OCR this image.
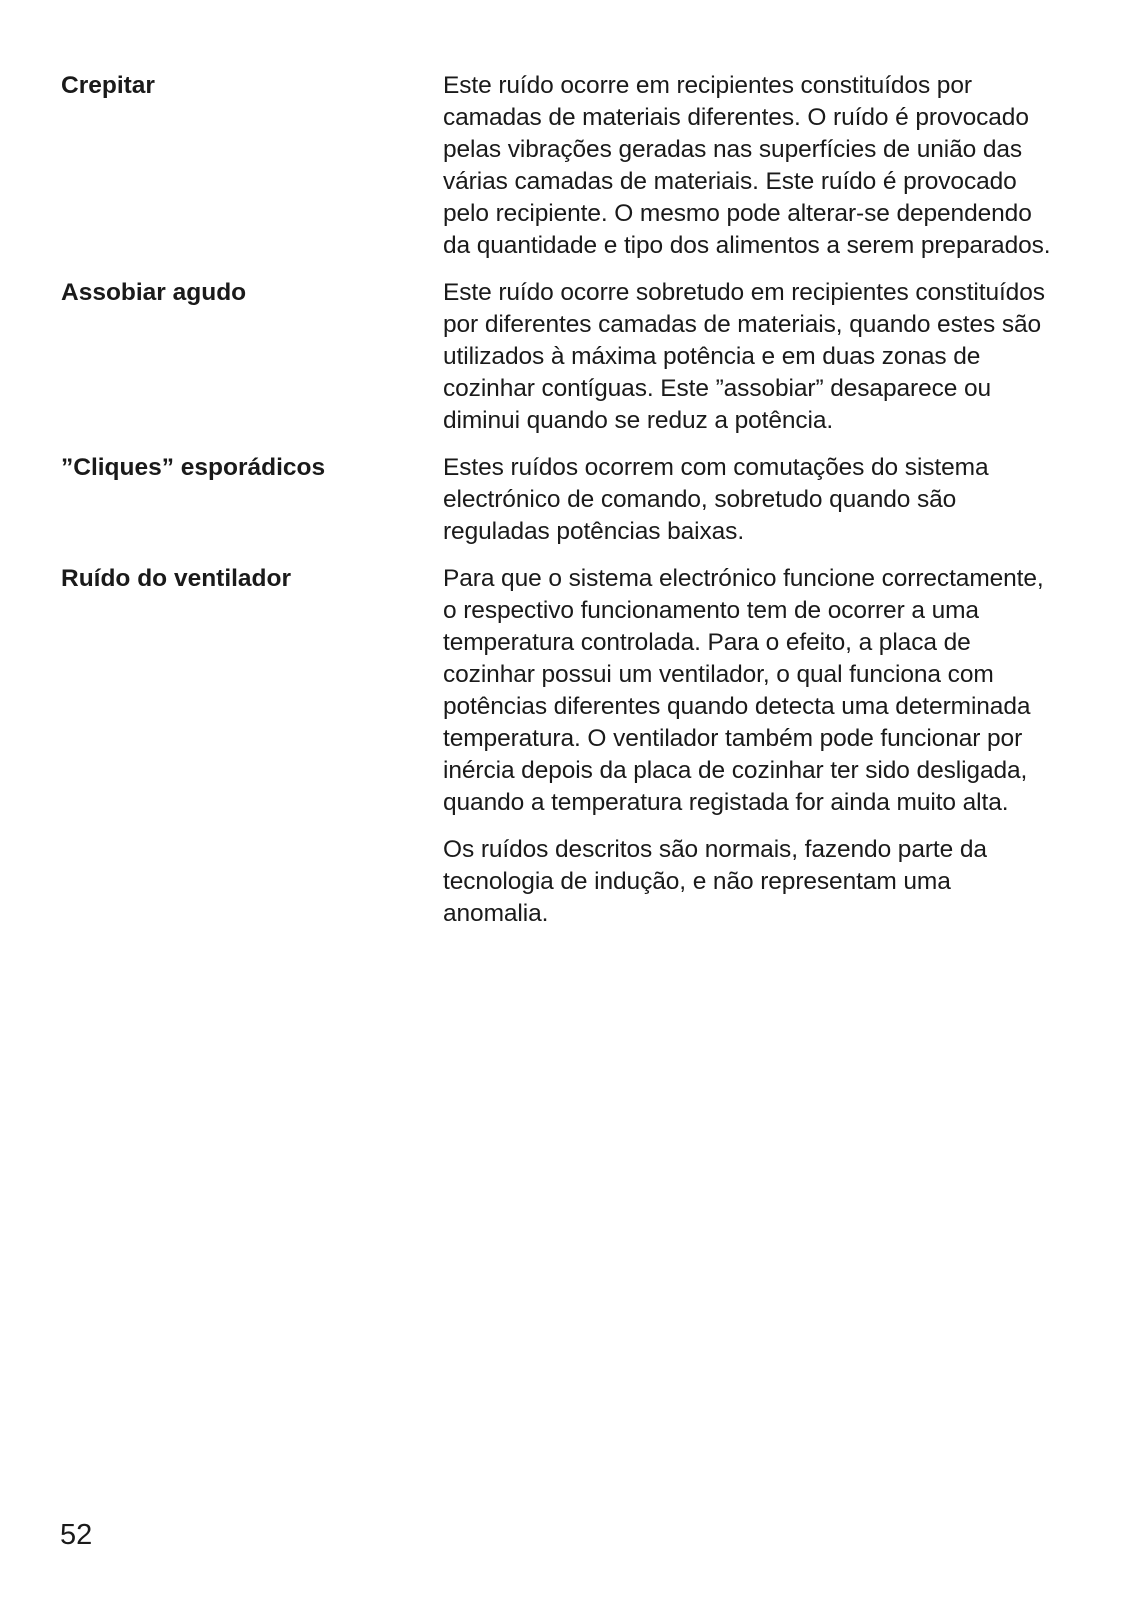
Crepitar	Este ruído ocorre em recipientes constituídos por camadas de materiais diferentes. O ruído é provocado pelas vibrações geradas nas superfícies de união das várias camadas de materiais. Este ruído é provocado pelo recipiente. O mesmo pode alterar-se dependendo da quantidade e tipo dos alimentos a serem preparados.
Assobiar agudo	Este ruído ocorre sobretudo em recipientes constituídos por diferentes camadas de materiais, quando estes são utilizados à máxima potência e em duas zonas de cozinhar contíguas. Este ”assobiar” desaparece ou diminui quando se reduz a potência.
”Cliques” esporádicos	Estes ruídos ocorrem com comutações do sistema electrónico de comando, sobretudo quando são reguladas potências baixas.
Ruído do ventilador	Para que o sistema electrónico funcione correctamente, o respectivo funcionamento tem de ocorrer a uma temperatura controlada. Para o efeito, a placa de cozinhar possui um ventilador, o qual funciona com potências diferentes quando detecta uma determinada temperatura. O ventilador também pode funcionar por inércia depois da placa de cozinhar ter sido desligada, quando a temperatura registada for ainda muito alta.
Os ruídos descritos são normais, fazendo parte da tecnologia de indução, e não representam uma anomalia.
52
